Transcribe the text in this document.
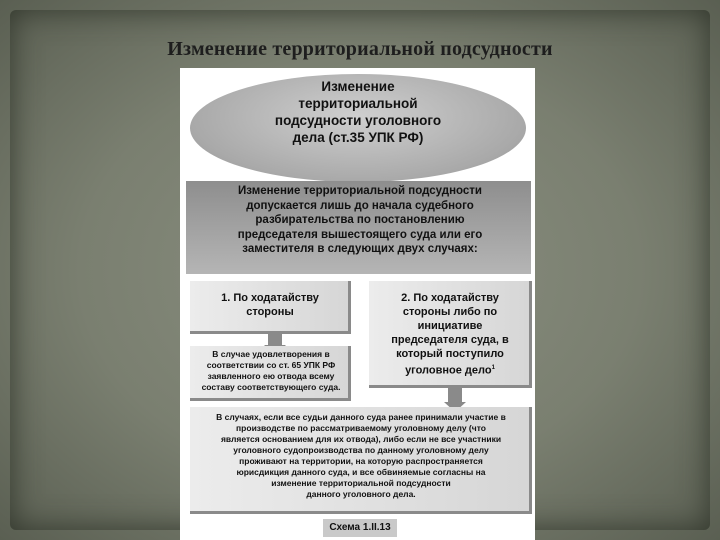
Изменение территориальной подсудности
Изменение
территориальной
подсудности уголовного
дела (ст.35 УПК РФ)
Изменение территориальной подсудности
допускается лишь до начала судебного
разбирательства по постановлению
председателя вышестоящего суда или его
заместителя в следующих двух случаях:
1. По ходатайству
стороны
2. По ходатайству
стороны либо по
инициативе
председателя суда, в
который поступило
уголовное дело$^1$
В случае удовлетворения в
соответствии со ст. 65 УПК РФ
заявленного ею отвода всему
составу соответствующего суда.
В случаях, если все судьи данного суда ранее принимали участие в
производстве по рассматриваемому уголовному делу (что
является основанием для их отвода), либо если не все участники
уголовного судопроизводства по данному уголовному делу
проживают на территории, на которую распространяется
юрисдикция данного суда, и все обвиняемые согласны на
изменение территориальной подсудности
данного уголовного дела.
Схема 1.II.13
